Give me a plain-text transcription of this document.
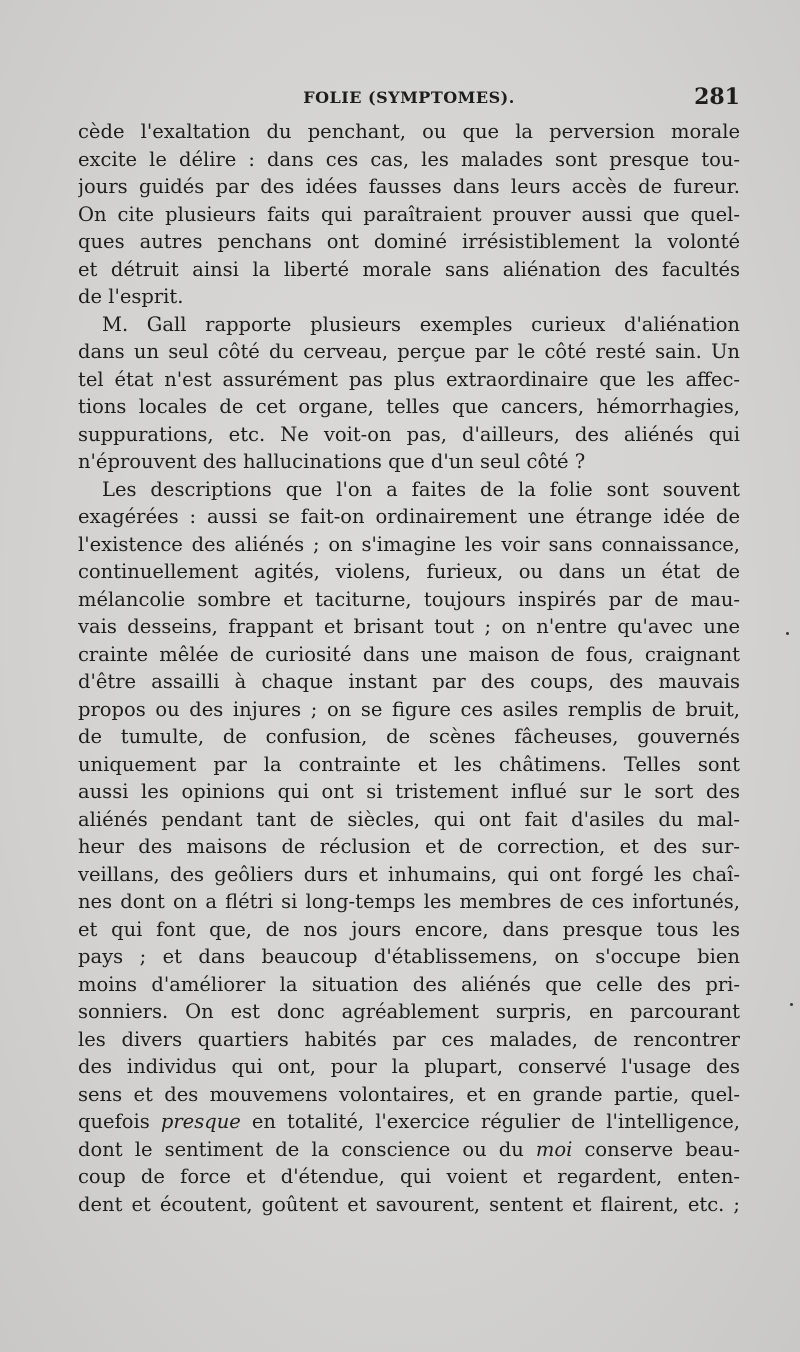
FOLIE (SYMPTOMES).	281
cède l'exaltation du penchant, ou que la perversion morale
excite le délire : dans ces cas, les malades sont presque tou-
jours guidés par des idées fausses dans leurs accès de fureur.
On cite plusieurs faits qui paraîtraient prouver aussi que quel-
ques autres penchans ont dominé irrésistiblement la volonté
et détruit ainsi la liberté morale sans aliénation des facultés
de l'esprit.
M. Gall rapporte plusieurs exemples curieux d'aliénation
dans un seul côté du cerveau, perçue par le côté resté sain. Un
tel état n'est assurément pas plus extraordinaire que les affec-
tions locales de cet organe, telles que cancers, hémorrhagies,
suppurations, etc. Ne voit-on pas, d'ailleurs, des aliénés qui
n'éprouvent des hallucinations que d'un seul côté ?
Les descriptions que l'on a faites de la folie sont souvent
exagérées : aussi se fait-on ordinairement une étrange idée de
l'existence des aliénés ; on s'imagine les voir sans connaissance,
continuellement agités, violens, furieux, ou dans un état de
mélancolie sombre et taciturne, toujours inspirés par de mau-
vais desseins, frappant et brisant tout ; on n'entre qu'avec une
crainte mêlée de curiosité dans une maison de fous, craignant
d'être assailli à chaque instant par des coups, des mauvais
propos ou des injures ; on se figure ces asiles remplis de bruit,
de tumulte, de confusion, de scènes fâcheuses, gouvernés
uniquement par la contrainte et les châtimens. Telles sont
aussi les opinions qui ont si tristement influé sur le sort des
aliénés pendant tant de siècles, qui ont fait d'asiles du mal-
heur des maisons de réclusion et de correction, et des sur-
veillans, des geôliers durs et inhumains, qui ont forgé les chaî-
nes dont on a flétri si long-temps les membres de ces infortunés,
et qui font que, de nos jours encore, dans presque tous les
pays ; et dans beaucoup d'établissemens, on s'occupe bien
moins d'améliorer la situation des aliénés que celle des pri-
sonniers. On est donc agréablement surpris, en parcourant
les divers quartiers habités par ces malades, de rencontrer
des individus qui ont, pour la plupart, conservé l'usage des
sens et des mouvemens volontaires, et en grande partie, quel-
quefois presque en totalité, l'exercice régulier de l'intelligence,
dont le sentiment de la conscience ou du moi conserve beau-
coup de force et d'étendue, qui voient et regardent, enten-
dent et écoutent, goûtent et savourent, sentent et flairent, etc. ;
